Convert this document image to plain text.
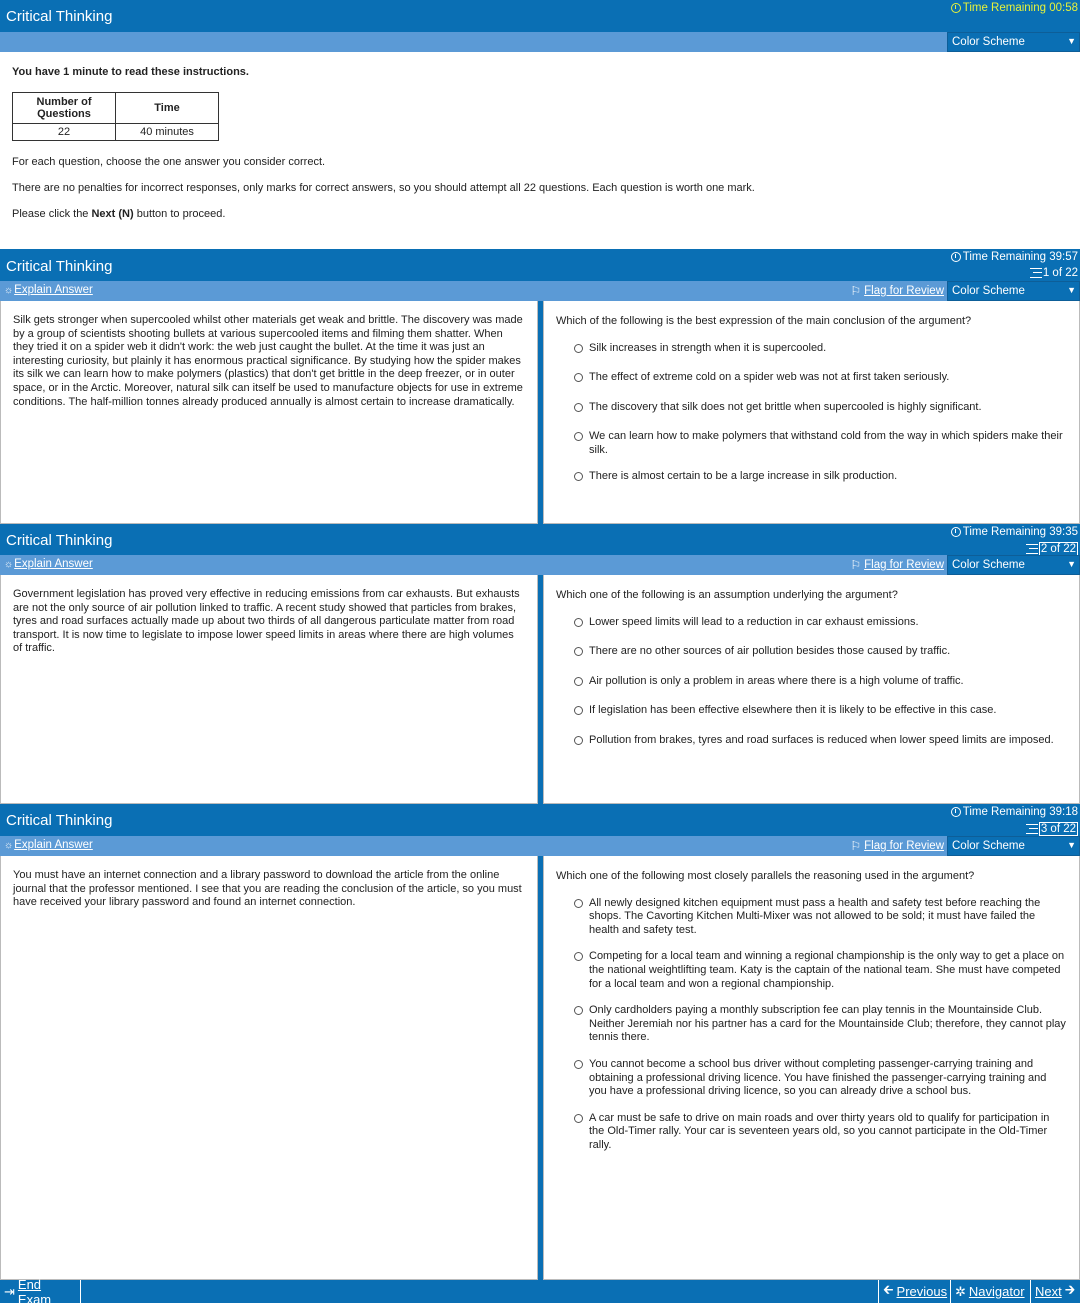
Critical Thinking	Time Remaining 00:58
Color Scheme	▼
You have 1 minute to read these instructions.
Number of Questions	Time
22	40 minutes

For each question, choose the one answer you consider correct.

There are no penalties for incorrect responses, only marks for correct answers, so you should attempt all 22 questions. Each question is worth one mark.

Please click the Next (N) button to proceed.

Critical Thinking
Time Remaining 39:57
1 of 22
☼ Explain Answer	⚐ Flag for Review Color Scheme	▼
Silk gets stronger when supercooled whilst other materials get weak and brittle. The discovery was made by a group of scientists shooting bullets at various supercooled items and filming them shatter. When they tried it on a spider web it didn't work: the web just caught the bullet. At the time it was just an interesting curiosity, but plainly it has enormous practical significance. By studying how the spider makes its silk we can learn how to make polymers (plastics) that don't get brittle in the deep freezer, or in outer space, or in the Arctic. Moreover, natural silk can itself be used to manufacture objects for use in extreme conditions. The half-million tonnes already produced annually is almost certain to increase dramatically.
Which of the following is the best expression of the main conclusion of the argument?
Silk increases in strength when it is supercooled.
The effect of extreme cold on a spider web was not at first taken seriously.
The discovery that silk does not get brittle when supercooled is highly significant.
We can learn how to make polymers that withstand cold from the way in which spiders make their silk.
There is almost certain to be a large increase in silk production.
Critical Thinking	Time Remaining 39:35
2 of 22
☼ Explain Answer	⚐ Flag for Review Color Scheme	▼
Government legislation has proved very effective in reducing emissions from car exhausts. But exhausts are not the only source of air pollution linked to traffic. A recent study showed that particles from brakes, tyres and road surfaces actually made up about two thirds of all dangerous particulate matter from road transport. It is now time to legislate to impose lower speed limits in areas where there are high volumes of traffic.
Which one of the following is an assumption underlying the argument?
Lower speed limits will lead to a reduction in car exhaust emissions.
There are no other sources of air pollution besides those caused by traffic.
Air pollution is only a problem in areas where there is a high volume of traffic.
If legislation has been effective elsewhere then it is likely to be effective in this case.
Pollution from brakes, tyres and road surfaces is reduced when lower speed limits are imposed.
Critical Thinking	Time Remaining 39:18
3 of 22
☼ Explain Answer	⚐ Flag for Review Color Scheme	▼
You must have an internet connection and a library password to download the article from the online journal that the professor mentioned. I see that you are reading the conclusion of the article, so you must have received your library password and found an internet connection.
Which one of the following most closely parallels the reasoning used in the argument?
All newly designed kitchen equipment must pass a health and safety test before reaching the shops. The Cavorting Kitchen Multi-Mixer was not allowed to be sold; it must have failed the health and safety test.
Competing for a local team and winning a regional championship is the only way to get a place on the national weightlifting team. Katy is the captain of the national team. She must have competed for a local team and won a regional championship.
Only cardholders paying a monthly subscription fee can play tennis in the Mountainside Club. Neither Jeremiah nor his partner has a card for the Mountainside Club; therefore, they cannot play tennis there.
You cannot become a school bus driver without completing passenger-carrying training and obtaining a professional driving licence. You have finished the passenger-carrying training and you have a professional driving licence, so you can already drive a school bus.
A car must be safe to drive on main roads and over thirty years old to qualify for participation in the Old-Timer rally. Your car is seventeen years old, so you cannot participate in the Old-Timer rally.
⇥ End Exam
🡰 Previous ✲ Navigator Next 🡲
